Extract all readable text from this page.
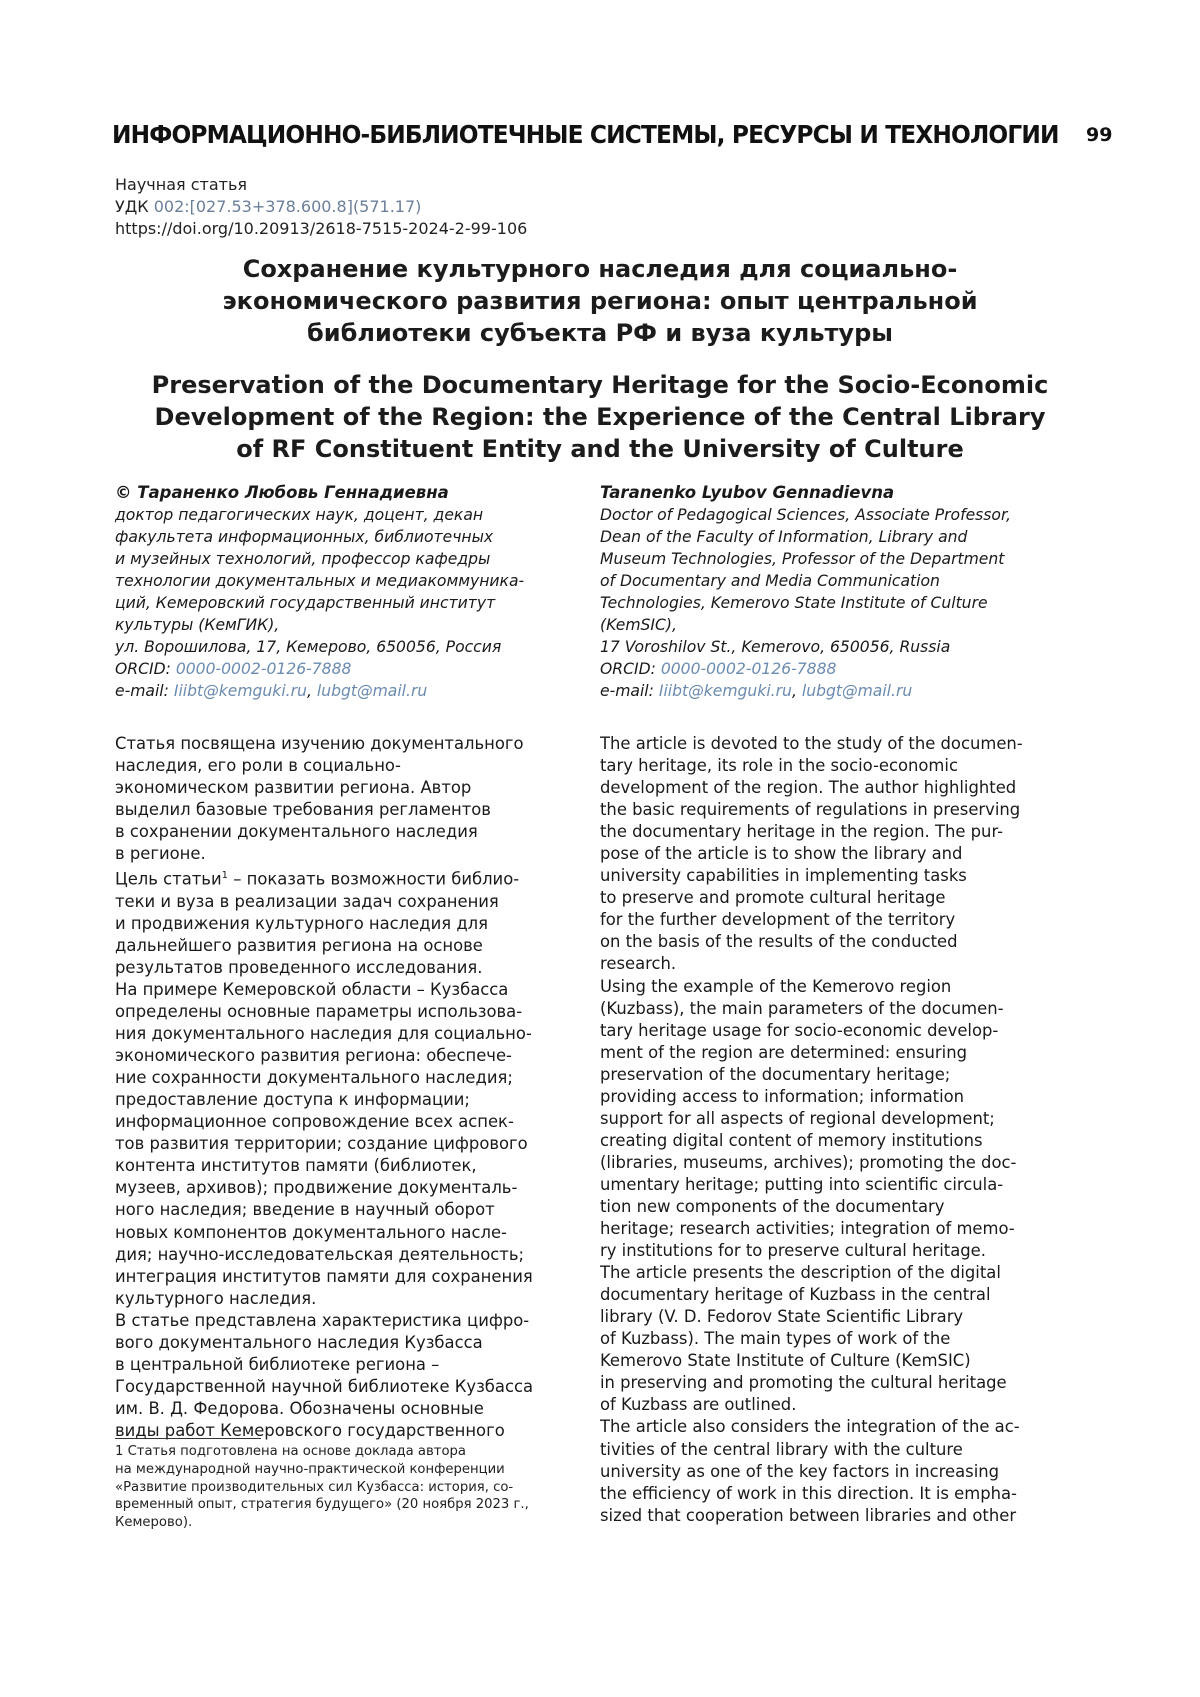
ИНФОРМАЦИОННО-БИБЛИОТЕЧНЫЕ СИСТЕМЫ, РЕСУРСЫ И ТЕХНОЛОГИИ 99
Научная статья
УДК 002:[027.53+378.600.8](571.17)
https://doi.org/10.20913/2618-7515-2024-2-99-106
Сохранение культурного наследия для социально-
экономического развития региона: опыт центральной
библиотеки субъекта РФ и вуза культуры
Preservation of the Documentary Heritage for the Socio-Economic
Development of the Region: the Experience of the Central Library
of RF Constituent Entity and the University of Culture
© Тараненко Любовь Геннадиевна
доктор педагогических наук, доцент, декан
факультета информационных, библиотечных
и музейных технологий, профессор кафедры
технологии документальных и медиакоммуника-
ций, Кемеровский государственный институт
культуры (КемГИК),
ул. Ворошилова, 17, Кемерово, 650056, Россия
ORCID: 0000-0002-0126-7888
e-mail: Iiibt@kemguki.ru, lubgt@mail.ru
Taranenko Lyubov Gennadievna
Doctor of Pedagogical Sciences, Associate Professor,
Dean of the Faculty of Information, Library and
Museum Technologies, Professor of the Department
of Documentary and Media Communication
Technologies, Kemerovo State Institute of Culture
(KemSIC),
17 Voroshilov St., Kemerovo, 650056, Russia
ORCID: 0000-0002-0126-7888
e-mail: Iiibt@kemguki.ru, lubgt@mail.ru
Статья посвящена изучению документального
наследия, его роли в социально-
экономическом развитии региона. Автор
выделил базовые требования регламентов
в сохранении документального наследия
в регионе.
Цель статьи1 – показать возможности библио-
теки и вуза в реализации задач сохранения
и продвижения культурного наследия для
дальнейшего развития региона на основе
результатов проведенного исследования.
На примере Кемеровской области – Кузбасса
определены основные параметры использова-
ния документального наследия для социально-
экономического развития региона: обеспече-
ние сохранности документального наследия;
предоставление доступа к информации;
информационное сопровождение всех аспек-
тов развития территории; создание цифрового
контента институтов памяти (библиотек,
музеев, архивов); продвижение документаль-
ного наследия; введение в научный оборот
новых компонентов документального насле-
дия; научно-исследовательская деятельность;
интеграция институтов памяти для сохранения
культурного наследия.
В статье представлена характеристика цифро-
вого документального наследия Кузбасса
в центральной библиотеке региона –
Государственной научной библиотеке Кузбасса
им. В. Д. Федорова. Обозначены основные
виды работ Кемеровского государственного
The article is devoted to the study of the documen-
tary heritage, its role in the socio-economic
development of the region. The author highlighted
the basic requirements of regulations in preserving
the documentary heritage in the region. The pur-
pose of the article is to show the library and
university capabilities in implementing tasks
to preserve and promote cultural heritage
for the further development of the territory
on the basis of the results of the conducted
research.
Using the example of the Kemerovo region
(Kuzbass), the main parameters of the documen-
tary heritage usage for socio-economic develop-
ment of the region are determined: ensuring
preservation of the documentary heritage;
providing access to information; information
support for all aspects of regional development;
creating digital content of memory institutions
(libraries, museums, archives); promoting the doc-
umentary heritage; putting into scientific circula-
tion new components of the documentary
heritage; research activities; integration of memo-
ry institutions for to preserve cultural heritage.
The article presents the description of the digital
documentary heritage of Kuzbass in the central
library (V. D. Fedorov State Scientific Library
of Kuzbass). The main types of work of the
Kemerovo State Institute of Culture (KemSIC)
in preserving and promoting the cultural heritage
of Kuzbass are outlined.
The article also considers the integration of the ac-
tivities of the central library with the culture
university as one of the key factors in increasing
the efficiency of work in this direction. It is empha-
sized that cooperation between libraries and other
1 Статья подготовлена на основе доклада автора
на международной научно-практической конференции
«Развитие производительных сил Кузбасса: история, со-
временный опыт, стратегия будущего» (20 ноября 2023 г.,
Кемерово).
